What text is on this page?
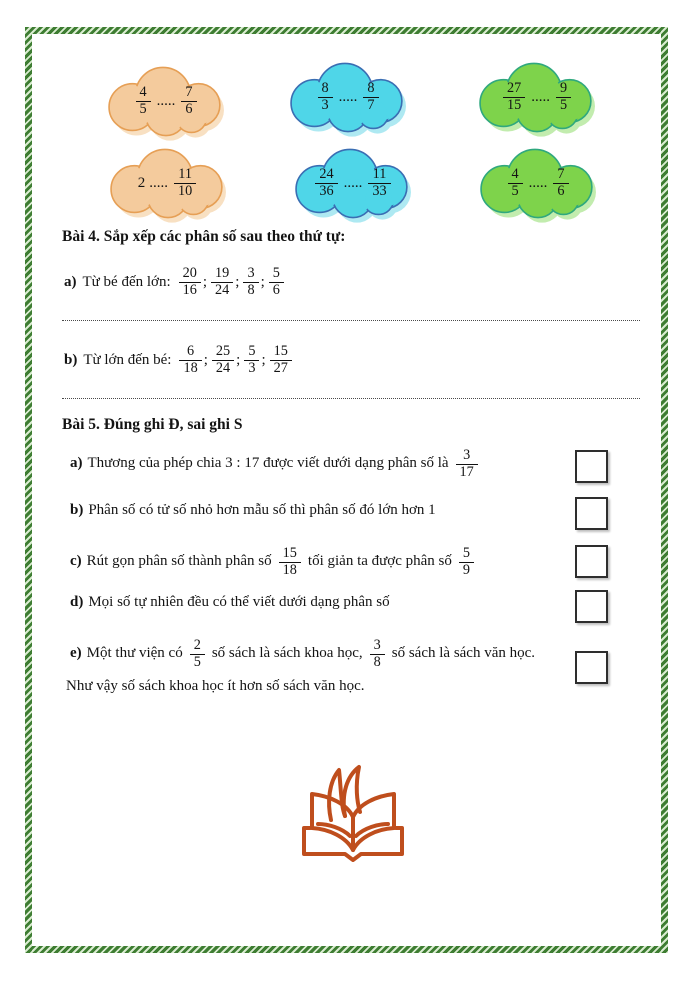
$\frac{4}{5}$ ..... $\frac{7}{6}$	$\frac{8}{3}$ ..... $\frac{8}{7}$	$\frac{27}{15}$ ..... $\frac{9}{5}$
2 ..... $\frac{11}{10}$	$\frac{24}{36}$ ..... $\frac{11}{33}$	$\frac{4}{5}$ ..... $\frac{7}{6}$
Bài 4. Sắp xếp các phân số sau theo thứ tự:
a) Từ bé đến lớn: $\frac{20}{16}$ ; $\frac{19}{24}$ ; $\frac{3}{8}$ ; $\frac{5}{6}$
b) Từ lớn đến bé: $\frac{6}{18}$ ; $\frac{25}{24}$ ; $\frac{5}{3}$ ; $\frac{15}{27}$
Bài 5. Đúng ghi Đ, sai ghi S
a) Thương của phép chia 3 : 17 được viết dưới dạng phân số là $\frac{3}{17}$
b) Phân số có tử số nhỏ hơn mẫu số thì phân số đó lớn hơn 1
c) Rút gọn phân số thành phân số $\frac{15}{18}$ tối giản ta được phân số $\frac{5}{9}$
d) Mọi số tự nhiên đều có thể viết dưới dạng phân số
e) Một thư viện có $\frac{2}{5}$ số sách là sách khoa học, $\frac{3}{8}$ số sách là sách văn học.
Như vậy số sách khoa học ít hơn số sách văn học.
